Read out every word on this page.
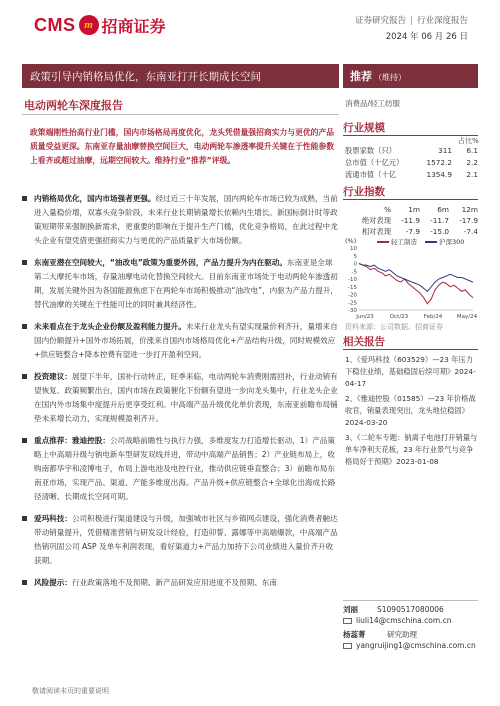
CMS m 招商证券	证券研究报告 | 行业深度报告
2024 年 06 月 26 日
政策引导内销格局优化，东南亚打开长期成长空间	推荐 （维持）
电动两轮车深度报告
政策端刚性抬高行业门槛，国内市场格局再度优化，龙头凭借量强招商实力与更优的产品质量受益更深。东南亚存量油摩替换空间巨大，电动两轮车渗透率提升关键在于性能参数上看齐或超过油摩，远期空间较大。维持行业“推荐”评级。
内销格局优化，国内市场强者更强。经过近三十年发展，国内两轮车市场已较为成熟，当前进入量稳价增，双寡头竞争阶段，未来行业长期销量增长依赖内生增长。新国标倒计时等政策短期带来强制换新需求，更重要的影响在于提升生产门槛，优化竞争格局，在此过程中龙头企业有望凭借更强招商实力与更优的产品质量扩大市场份额。
东南亚潜在空间较大，“油改电”政策为重要外因，产品力提升为内在驱动。东南亚是全球第二大摩托车市场，存量油摩电动化替换空间较大。目前东南亚市场处于电动两轮车渗透初期，发展关键外因为各国能源焦虑下在两轮车市场积极推动“油改电”，内驱为产品力提升，替代油摩的关键在于性能可比的同时兼具经济性。
未来看点在于龙头企业份额及盈利能力提升。未来行业龙头有望实现量价利齐升，量增来自国内份额提升+国外市场拓展，价涨来自国内市场格局优化+产品结构升级，同时规模效应+供应链整合+降本控费有望进一步打开盈利空间。
投资建议：展望下半年，国补行动转正，旺季来临，电动两轮车消费刚需回补，行业动销有望恢复。政策频繁出台，国内市场在政策催化下份额有望进一步向龙头集中，行业龙头企业在国内外市场集中度提升后更享受红利。中高端产品升级优化单价表现，东南亚前瞻布局铺垫未来增长动力，实现规模盈利齐升。
重点推荐：雅迪控股：公司战略前瞻性与执行力强，多维度发力打造增长驱动，1）产品策略上中高端升级与钠电新车型研发双线并进，带动中高端产品销售；2）产业链布局上，收购南都华宇和凌博电子，布局上游电池及电控行业，推动供应链垂直整合；3）前瞻布局东南亚市场，实现产品、渠道、产能多维度出海。产品升级+供应链整合+全球化出海成长路径清晰、长期成长空间可期。
爱玛科技：公司积极进行渠道建设与升级，加强城市社区与乡镇网点建设，强化消费者触达带动销量提升，凭借精准营销与研发设计经验，打造卯誓、露娜等中高端爆款，中高端产品热销巩固公司 ASP 及单车利润表现，看好渠道力+产品力加持下公司业绩进入量价齐升收获期。
风险提示：行业政策落地不及预期、新产品研发应用进度不及预期、东南
消费品/轻工纺服
行业规模
占比%
股票家数（只）	311	6.1
总市值（十亿元）	1572.2	2.2
流通市值（十亿	1354.9	2.1
行业指数
%	1m	6m	12m
绝对表现	-11.9	-11.7	-17.9
相对表现	-7.9	-15.0	-7.4
(%)	轻工制造	沪深300
10
5
0
-5
-10
-15
-20
-25
-30
Jun/23	Oct/23	Feb/24	May/24
资料来源：公司数据、招商证券
相关报告
1、《爱玛科技（603529）—23 年压力下稳住业绩，基础稳固后续可期》2024-04-17
2、《雅迪控股（01585）—23 年价格战收官，销量表现突出，龙头地位稳固》2024-03-20
3、《二轮车专题：钠离子电池打开销量与单车净利天花板，23 年行业景气与竞争格局好于预期》2023-01-08
刘丽	S1090517080006
liuli14@cmschina.com.cn
杨蕊菁	研究助理
yangruijing1@cmschina.com.cn
敬请阅读末页的重要说明
